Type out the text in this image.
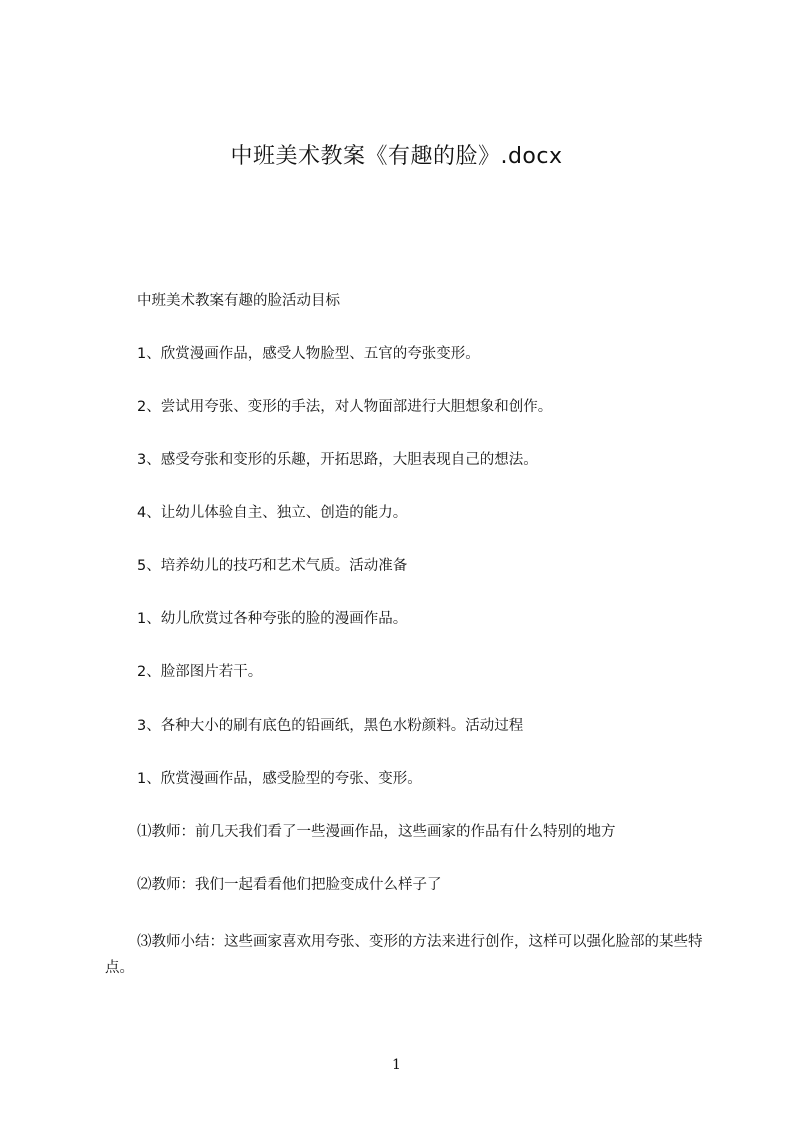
中班美术教案《有趣的脸》.docx
中班美术教案有趣的脸活动目标
1、欣赏漫画作品，感受人物脸型、五官的夸张变形。
2、尝试用夸张、变形的手法，对人物面部进行大胆想象和创作。
3、感受夸张和变形的乐趣，开拓思路，大胆表现自己的想法。
4、让幼儿体验自主、独立、创造的能力。
5、培养幼儿的技巧和艺术气质。活动准备
1、幼儿欣赏过各种夸张的脸的漫画作品。
2、脸部图片若干。
3、各种大小的刷有底色的铅画纸，黑色水粉颜料。活动过程
1、欣赏漫画作品，感受脸型的夸张、变形。
⑴教师：前几天我们看了一些漫画作品，这些画家的作品有什么特别的地方
⑵教师：我们一起看看他们把脸变成什么样子了
⑶教师小结：这些画家喜欢用夸张、变形的方法来进行创作，这样可以强化脸部的某些特点。
1
